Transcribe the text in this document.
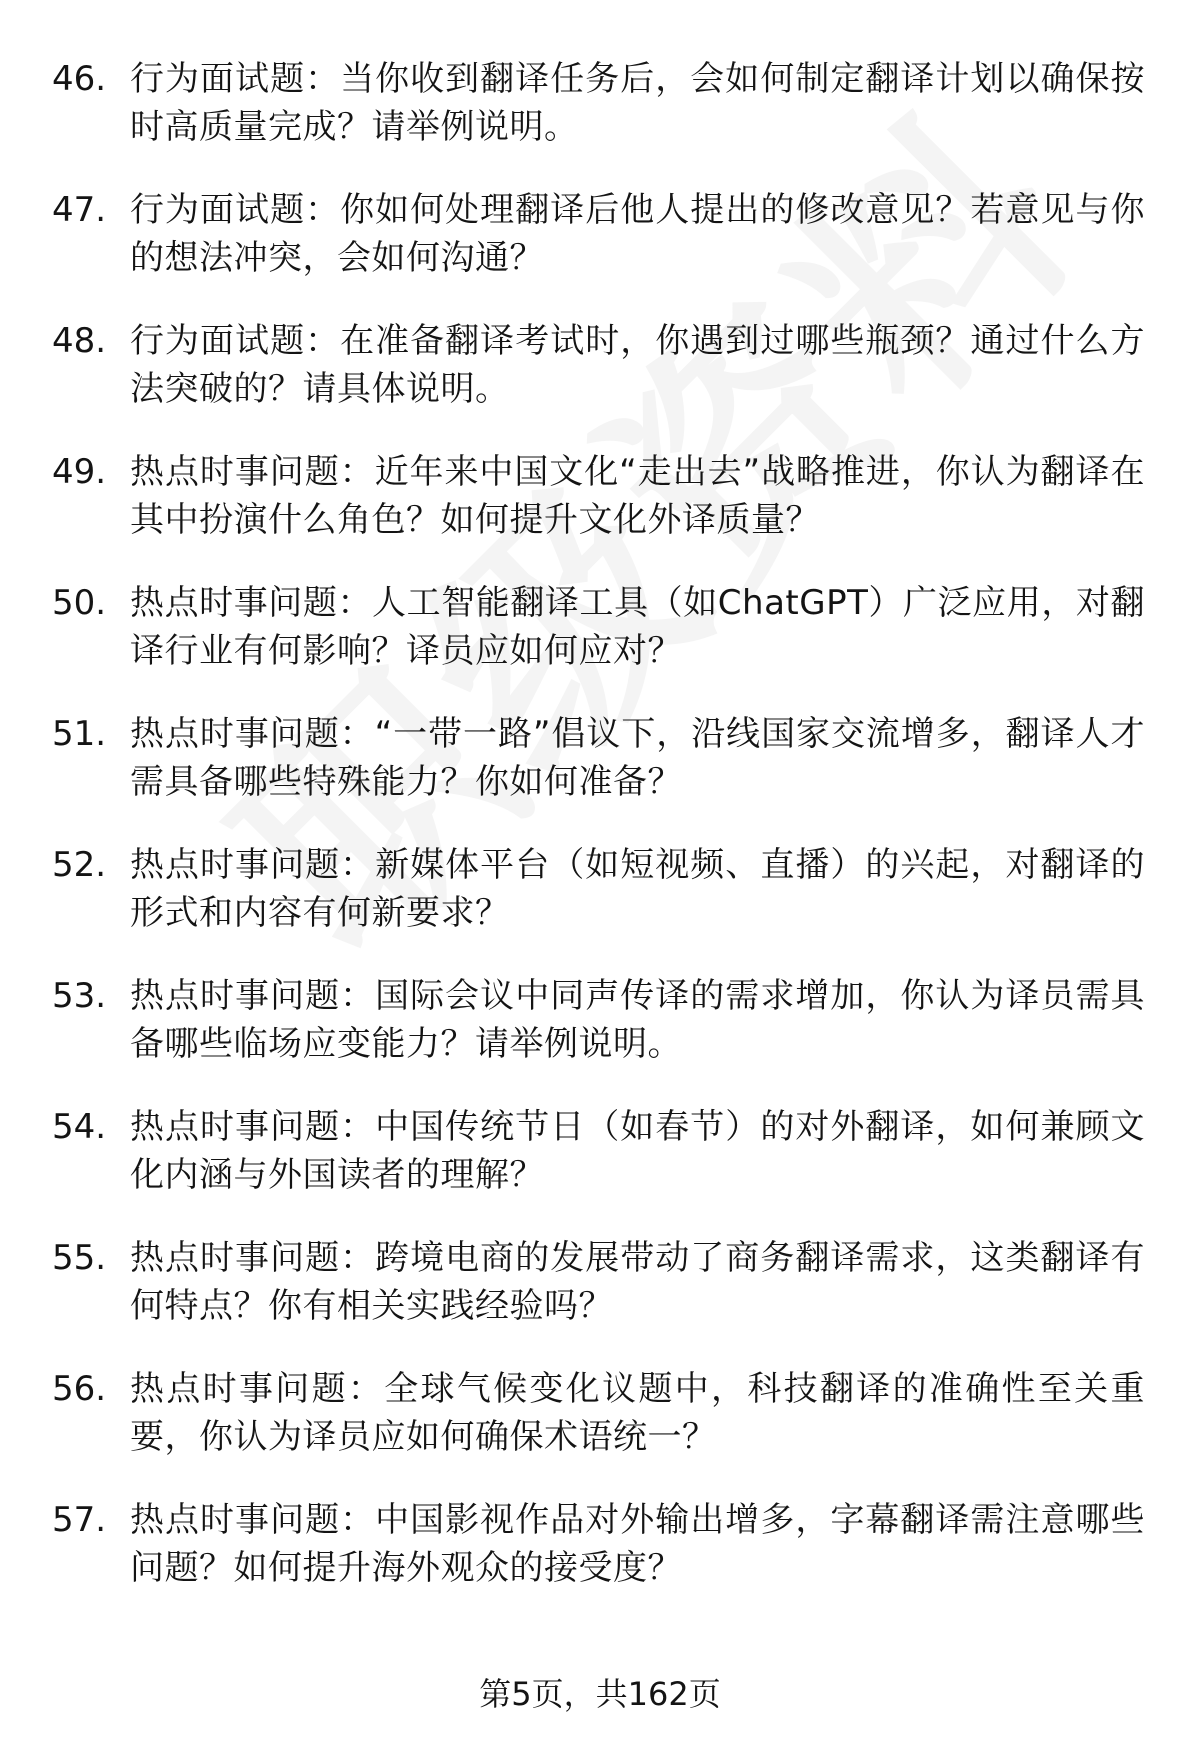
46. 行为面试题：当你收到翻译任务后，会如何制定翻译计划以确保按时高质量完成？请举例说明。
47. 行为面试题：你如何处理翻译后他人提出的修改意见？若意见与你的想法冲突，会如何沟通？
48. 行为面试题：在准备翻译考试时，你遇到过哪些瓶颈？通过什么方法突破的？请具体说明。
49. 热点时事问题：近年来中国文化“走出去”战略推进，你认为翻译在其中扮演什么角色？如何提升文化外译质量？
50. 热点时事问题：人工智能翻译工具（如ChatGPT）广泛应用，对翻译行业有何影响？译员应如何应对？
51. 热点时事问题：“一带一路”倡议下，沿线国家交流增多，翻译人才需具备哪些特殊能力？你如何准备？
52. 热点时事问题：新媒体平台（如短视频、直播）的兴起，对翻译的形式和内容有何新要求？
53. 热点时事问题：国际会议中同声传译的需求增加，你认为译员需具备哪些临场应变能力？请举例说明。
54. 热点时事问题：中国传统节日（如春节）的对外翻译，如何兼顾文化内涵与外国读者的理解？
55. 热点时事问题：跨境电商的发展带动了商务翻译需求，这类翻译有何特点？你有相关实践经验吗？
56. 热点时事问题：全球气候变化议题中，科技翻译的准确性至关重要，你认为译员应如何确保术语统一？
57. 热点时事问题：中国影视作品对外输出增多，字幕翻译需注意哪些问题？如何提升海外观众的接受度？
第5页，共162页
